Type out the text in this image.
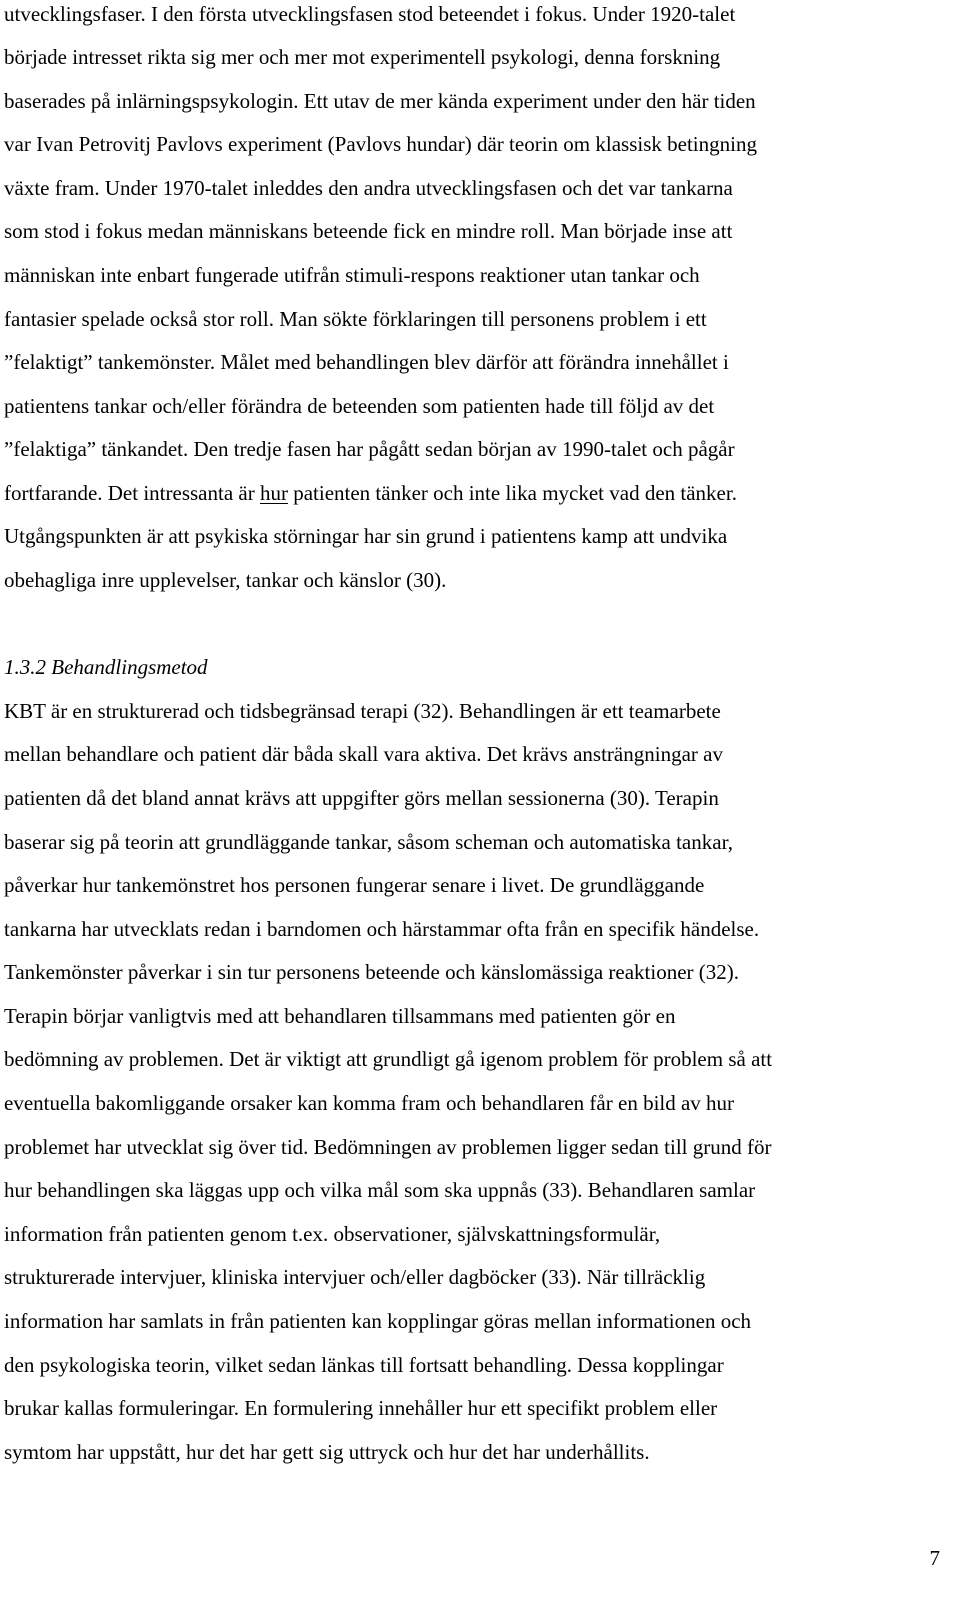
utvecklingsfaser. I den första utvecklingsfasen stod beteendet i fokus. Under 1920-talet
började intresset rikta sig mer och mer mot experimentell psykologi, denna forskning
baserades på inlärningspsykologin. Ett utav de mer kända experiment under den här tiden
var Ivan Petrovitj Pavlovs experiment (Pavlovs hundar) där teorin om klassisk betingning
växte fram. Under 1970-talet inleddes den andra utvecklingsfasen och det var tankarna
som stod i fokus medan människans beteende fick en mindre roll. Man började inse att
människan inte enbart fungerade utifrån stimuli-respons reaktioner utan tankar och
fantasier spelade också stor roll. Man sökte förklaringen till personens problem i ett
”felaktigt” tankemönster. Målet med behandlingen blev därför att förändra innehållet i
patientens tankar och/eller förändra de beteenden som patienten hade till följd av det
”felaktiga” tänkandet. Den tredje fasen har pågått sedan början av 1990-talet och pågår
fortfarande. Det intressanta är hur patienten tänker och inte lika mycket vad den tänker.
Utgångspunkten är att psykiska störningar har sin grund i patientens kamp att undvika
obehagliga inre upplevelser, tankar och känslor (30).
1.3.2 Behandlingsmetod
KBT är en strukturerad och tidsbegränsad terapi (32). Behandlingen är ett teamarbete
mellan behandlare och patient där båda skall vara aktiva. Det krävs ansträngningar av
patienten då det bland annat krävs att uppgifter görs mellan sessionerna (30). Terapin
baserar sig på teorin att grundläggande tankar, såsom scheman och automatiska tankar,
påverkar hur tankemönstret hos personen fungerar senare i livet. De grundläggande
tankarna har utvecklats redan i barndomen och härstammar ofta från en specifik händelse.
Tankemönster påverkar i sin tur personens beteende och känslomässiga reaktioner (32).
Terapin börjar vanligtvis med att behandlaren tillsammans med patienten gör en
bedömning av problemen. Det är viktigt att grundligt gå igenom problem för problem så att
eventuella bakomliggande orsaker kan komma fram och behandlaren får en bild av hur
problemet har utvecklat sig över tid. Bedömningen av problemen ligger sedan till grund för
hur behandlingen ska läggas upp och vilka mål som ska uppnås (33). Behandlaren samlar
information från patienten genom t.ex. observationer, självskattningsformulär,
strukturerade intervjuer, kliniska intervjuer och/eller dagböcker (33). När tillräcklig
information har samlats in från patienten kan kopplingar göras mellan informationen och
den psykologiska teorin, vilket sedan länkas till fortsatt behandling. Dessa kopplingar
brukar kallas formuleringar. En formulering innehåller hur ett specifikt problem eller
symtom har uppstått, hur det har gett sig uttryck och hur det har underhållits.
7
